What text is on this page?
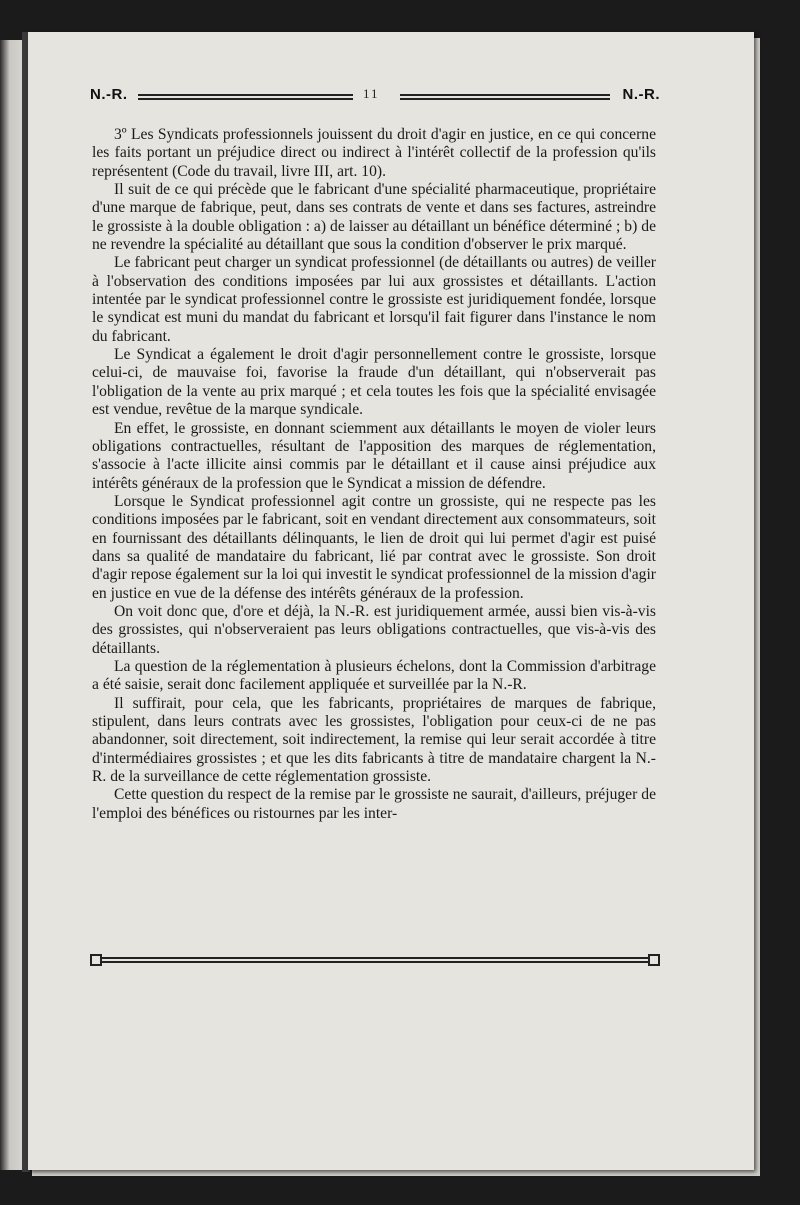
N.-R.	11	N.-R.

3º Les Syndicats professionnels jouissent du droit d'agir en justice, en ce qui concerne les faits portant un préjudice direct ou indirect à l'intérêt collectif de la profession qu'ils représentent (Code du travail, livre III, art. 10).

Il suit de ce qui précède que le fabricant d'une spécialité pharmaceutique, propriétaire d'une marque de fabrique, peut, dans ses contrats de vente et dans ses factures, astreindre le grossiste à la double obligation : a) de laisser au détaillant un bénéfice déterminé ; b) de ne revendre la spécialité au détaillant que sous la condition d'observer le prix marqué.

Le fabricant peut charger un syndicat professionnel (de détaillants ou autres) de veiller à l'observation des conditions imposées par lui aux grossistes et détaillants. L'action intentée par le syndicat professionnel contre le grossiste est juridiquement fondée, lorsque le syndicat est muni du mandat du fabricant et lorsqu'il fait figurer dans l'instance le nom du fabricant.

Le Syndicat a également le droit d'agir personnellement contre le grossiste, lorsque celui-ci, de mauvaise foi, favorise la fraude d'un détaillant, qui n'observerait pas l'obligation de la vente au prix marqué ; et cela toutes les fois que la spécialité envisagée est vendue, revêtue de la marque syndicale.

En effet, le grossiste, en donnant sciemment aux détaillants le moyen de violer leurs obligations contractuelles, résultant de l'apposition des marques de réglementation, s'associe à l'acte illicite ainsi commis par le détaillant et il cause ainsi préjudice aux intérêts généraux de la profession que le Syndicat a mission de défendre.

Lorsque le Syndicat professionnel agit contre un grossiste, qui ne respecte pas les conditions imposées par le fabricant, soit en vendant directement aux consommateurs, soit en fournissant des détaillants délinquants, le lien de droit qui lui permet d'agir est puisé dans sa qualité de mandataire du fabricant, lié par contrat avec le grossiste. Son droit d'agir repose également sur la loi qui investit le syndicat professionnel de la mission d'agir en justice en vue de la défense des intérêts généraux de la profession.

On voit donc que, d'ore et déjà, la N.-R. est juridiquement armée, aussi bien vis-à-vis des grossistes, qui n'observeraient pas leurs obligations contractuelles, que vis-à-vis des détaillants.

La question de la réglementation à plusieurs échelons, dont la Commission d'arbitrage a été saisie, serait donc facilement appliquée et surveillée par la N.-R.

Il suffirait, pour cela, que les fabricants, propriétaires de marques de fabrique, stipulent, dans leurs contrats avec les grossistes, l'obligation pour ceux-ci de ne pas abandonner, soit directement, soit indirectement, la remise qui leur serait accordée à titre d'intermédiaires grossistes ; et que les dits fabricants à titre de mandataire chargent la N.-R. de la surveillance de cette réglementation grossiste.

Cette question du respect de la remise par le grossiste ne saurait, d'ailleurs, préjuger de l'emploi des bénéfices ou ristournes par les inter-
